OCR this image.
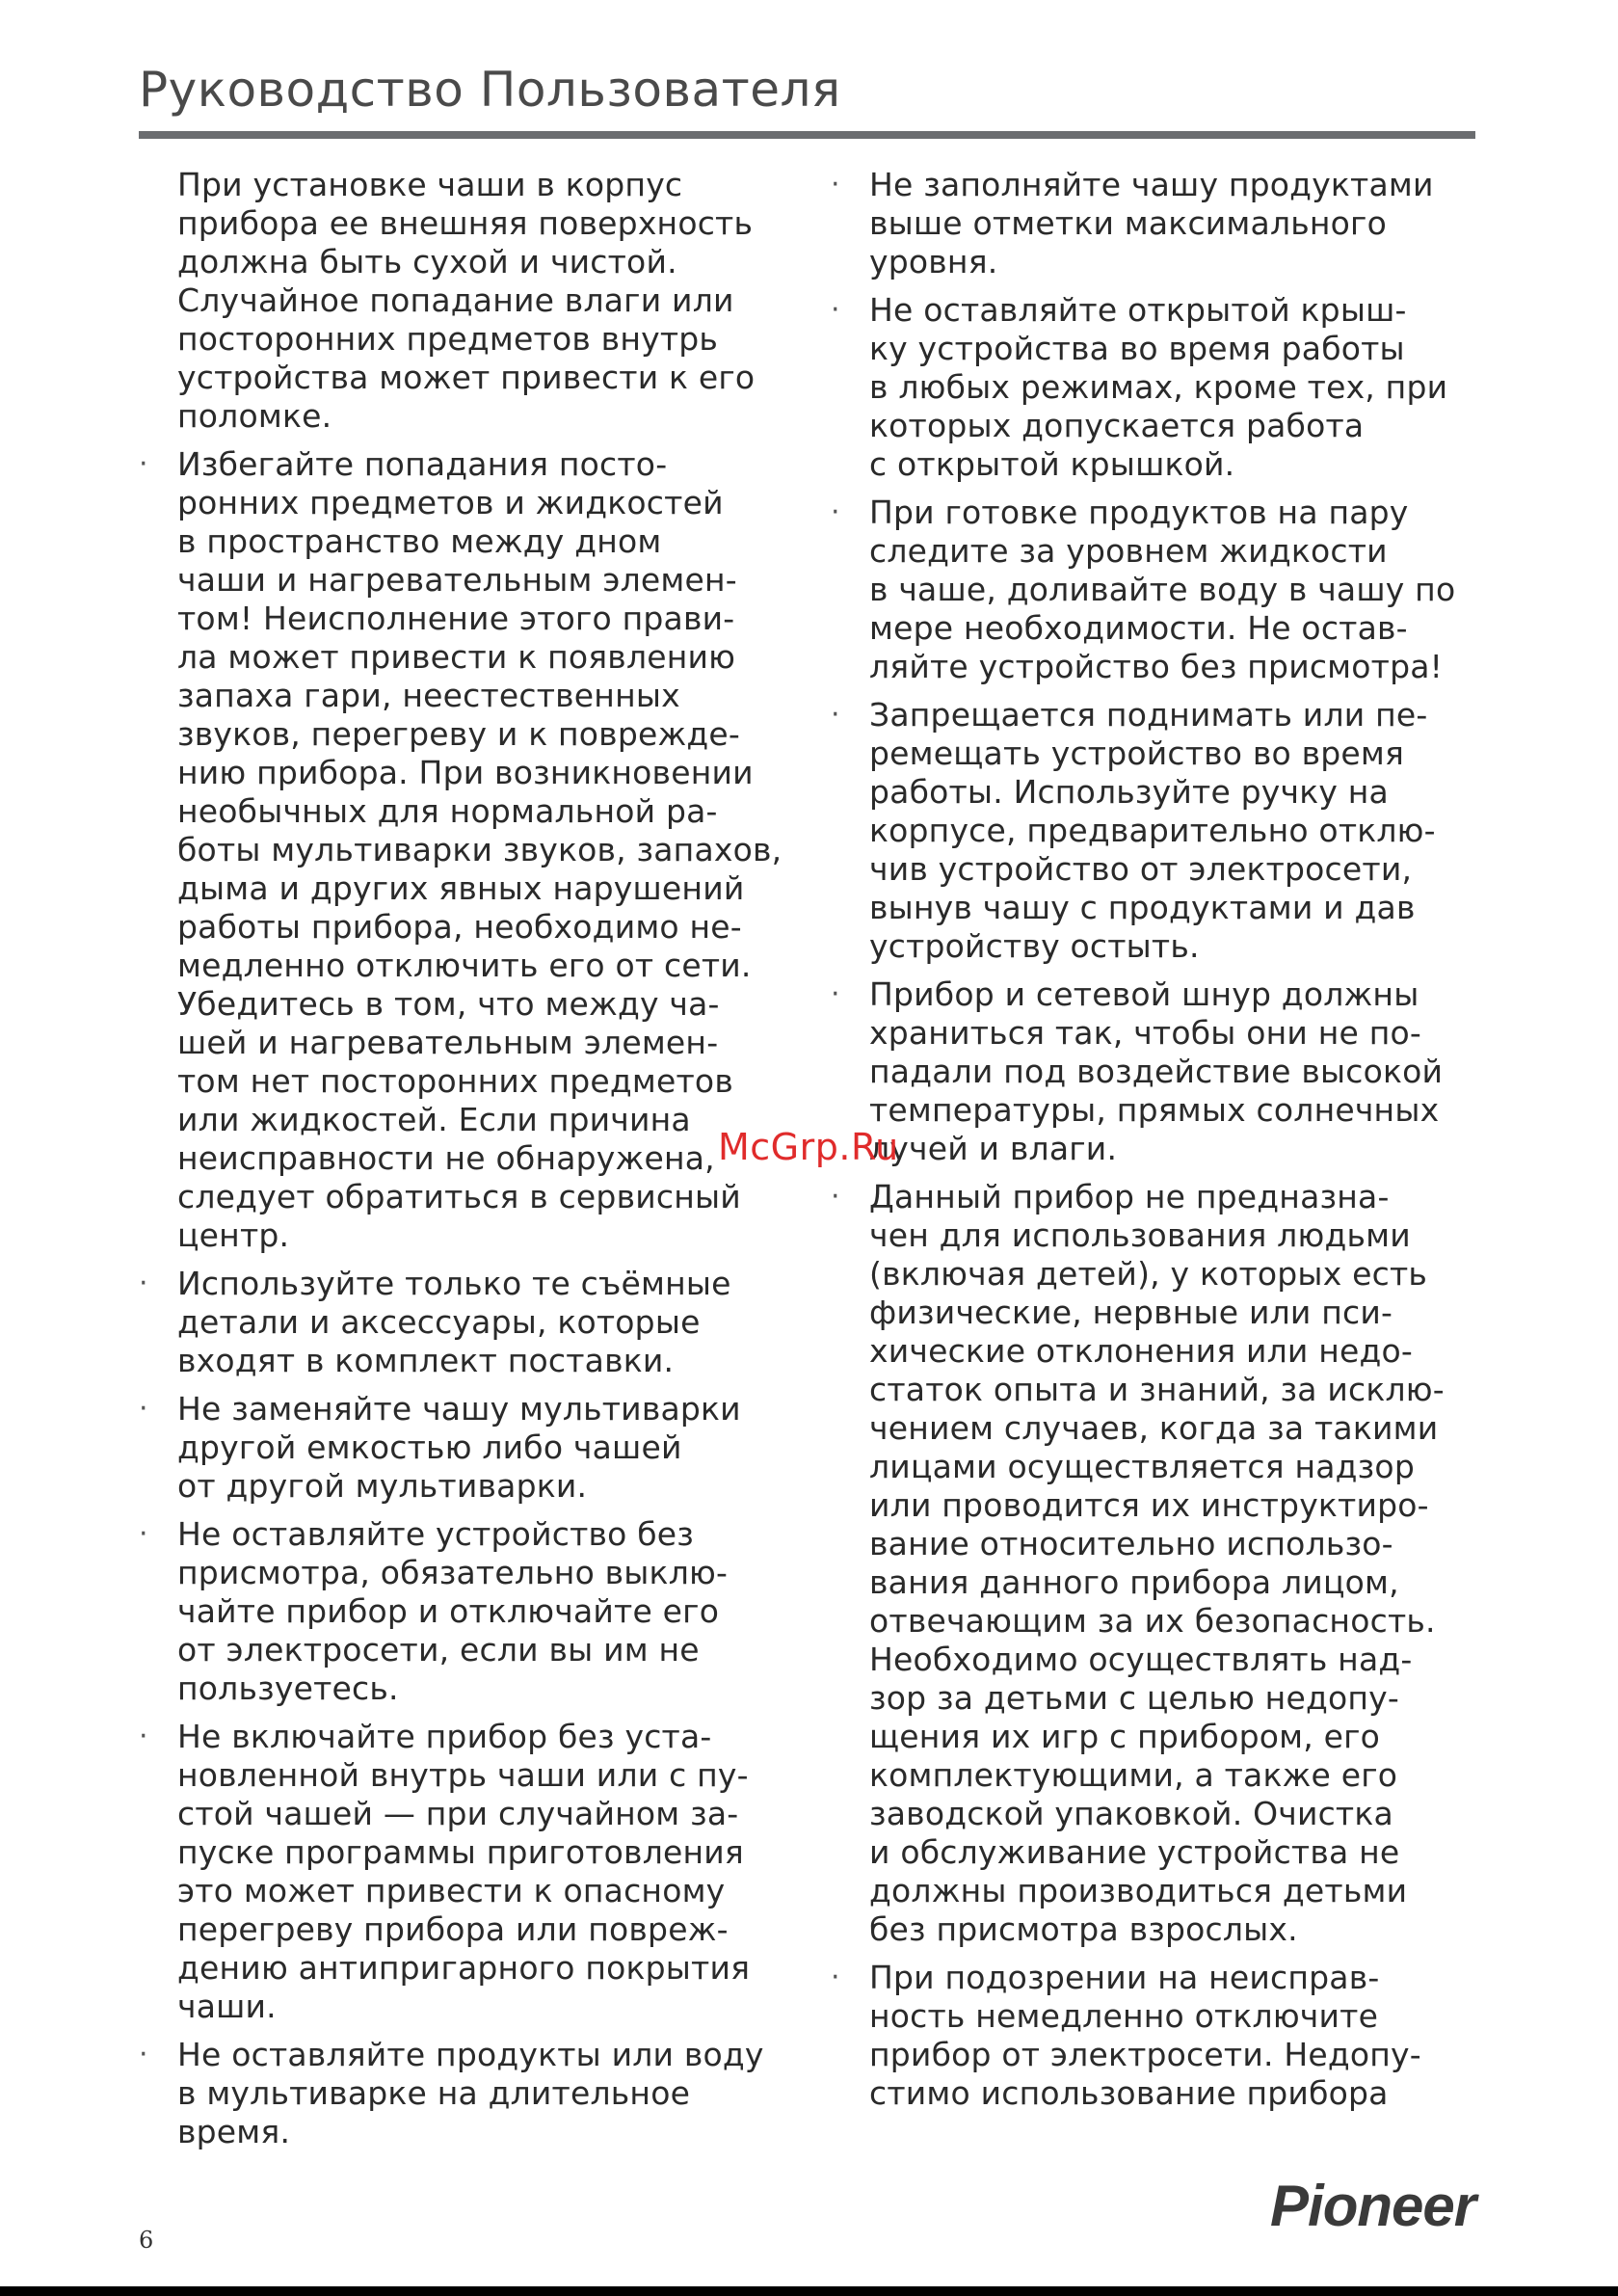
Руководство Пользователя

При установке чаши в корпус
прибора ее внешняя поверхность
должна быть сухой и чистой.
Случайное попадание влаги или
посторонних предметов внутрь
устройства может привести к его
поломке.

· Избегайте попадания посто-
ронних предметов и жидкостей
в пространство между дном
чаши и нагревательным элемен-
том! Неисполнение этого прави-
ла может привести к появлению
запаха гари, неестественных
звуков, перегреву и к поврежде-
нию прибора. При возникновении
необычных для нормальной ра-
боты мультиварки звуков, запахов,
дыма и других явных нарушений
работы прибора, необходимо не-
медленно отключить его от сети.
Убедитесь в том, что между ча-
шей и нагревательным элемен-
том нет посторонних предметов
или жидкостей. Если причина
неисправности не обнаружена,
следует обратиться в сервисный
центр.

· Используйте только те съёмные
детали и аксессуары, которые
входят в комплект поставки.

· Не заменяйте чашу мультиварки
другой емкостью либо чашей
от другой мультиварки.

· Не оставляйте устройство без
присмотра, обязательно выклю-
чайте прибор и отключайте его
от электросети, если вы им не
пользуетесь.

· Не включайте прибор без уста-
новленной внутрь чаши или с пу-
стой чашей — при случайном за-
пуске программы приготовления
это может привести к опасному
перегреву прибора или повреж-
дению антипригарного покрытия
чаши.

· Не оставляйте продукты или воду
в мультиварке на длительное
время.

· Не заполняйте чашу продуктами
выше отметки максимального
уровня.

· Не оставляйте открытой крыш-
ку устройства во время работы
в любых режимах, кроме тех, при
которых допускается работа
с открытой крышкой.

· При готовке продуктов на пару
следите за уровнем жидкости
в чаше, доливайте воду в чашу по
мере необходимости. Не остав-
ляйте устройство без присмотра!

· Запрещается поднимать или пе-
ремещать устройство во время
работы. Используйте ручку на
корпусе, предварительно отклю-
чив устройство от электросети,
вынув чашу с продуктами и дав
устройству остыть.

· Прибор и сетевой шнур должны
храниться так, чтобы они не по-
падали под воздействие высокой
температуры, прямых солнечных
лучей и влаги.

· Данный прибор не предназна-
чен для использования людьми
(включая детей), у которых есть
физические, нервные или пси-
хические отклонения или недо-
статок опыта и знаний, за исклю-
чением случаев, когда за такими
лицами осуществляется надзор
или проводится их инструктиро-
вание относительно использо-
вания данного прибора лицом,
отвечающим за их безопасность.
Необходимо осуществлять над-
зор за детьми с целью недопу-
щения их игр с прибором, его
комплектующими, а также его
заводской упаковкой. Очистка
и обслуживание устройства не
должны производиться детьми
без присмотра взрослых.

· При подозрении на неисправ-
ность немедленно отключите
прибор от электросети. Недопу-
стимо использование прибора

McGrp.Ru
Pioneer
6
